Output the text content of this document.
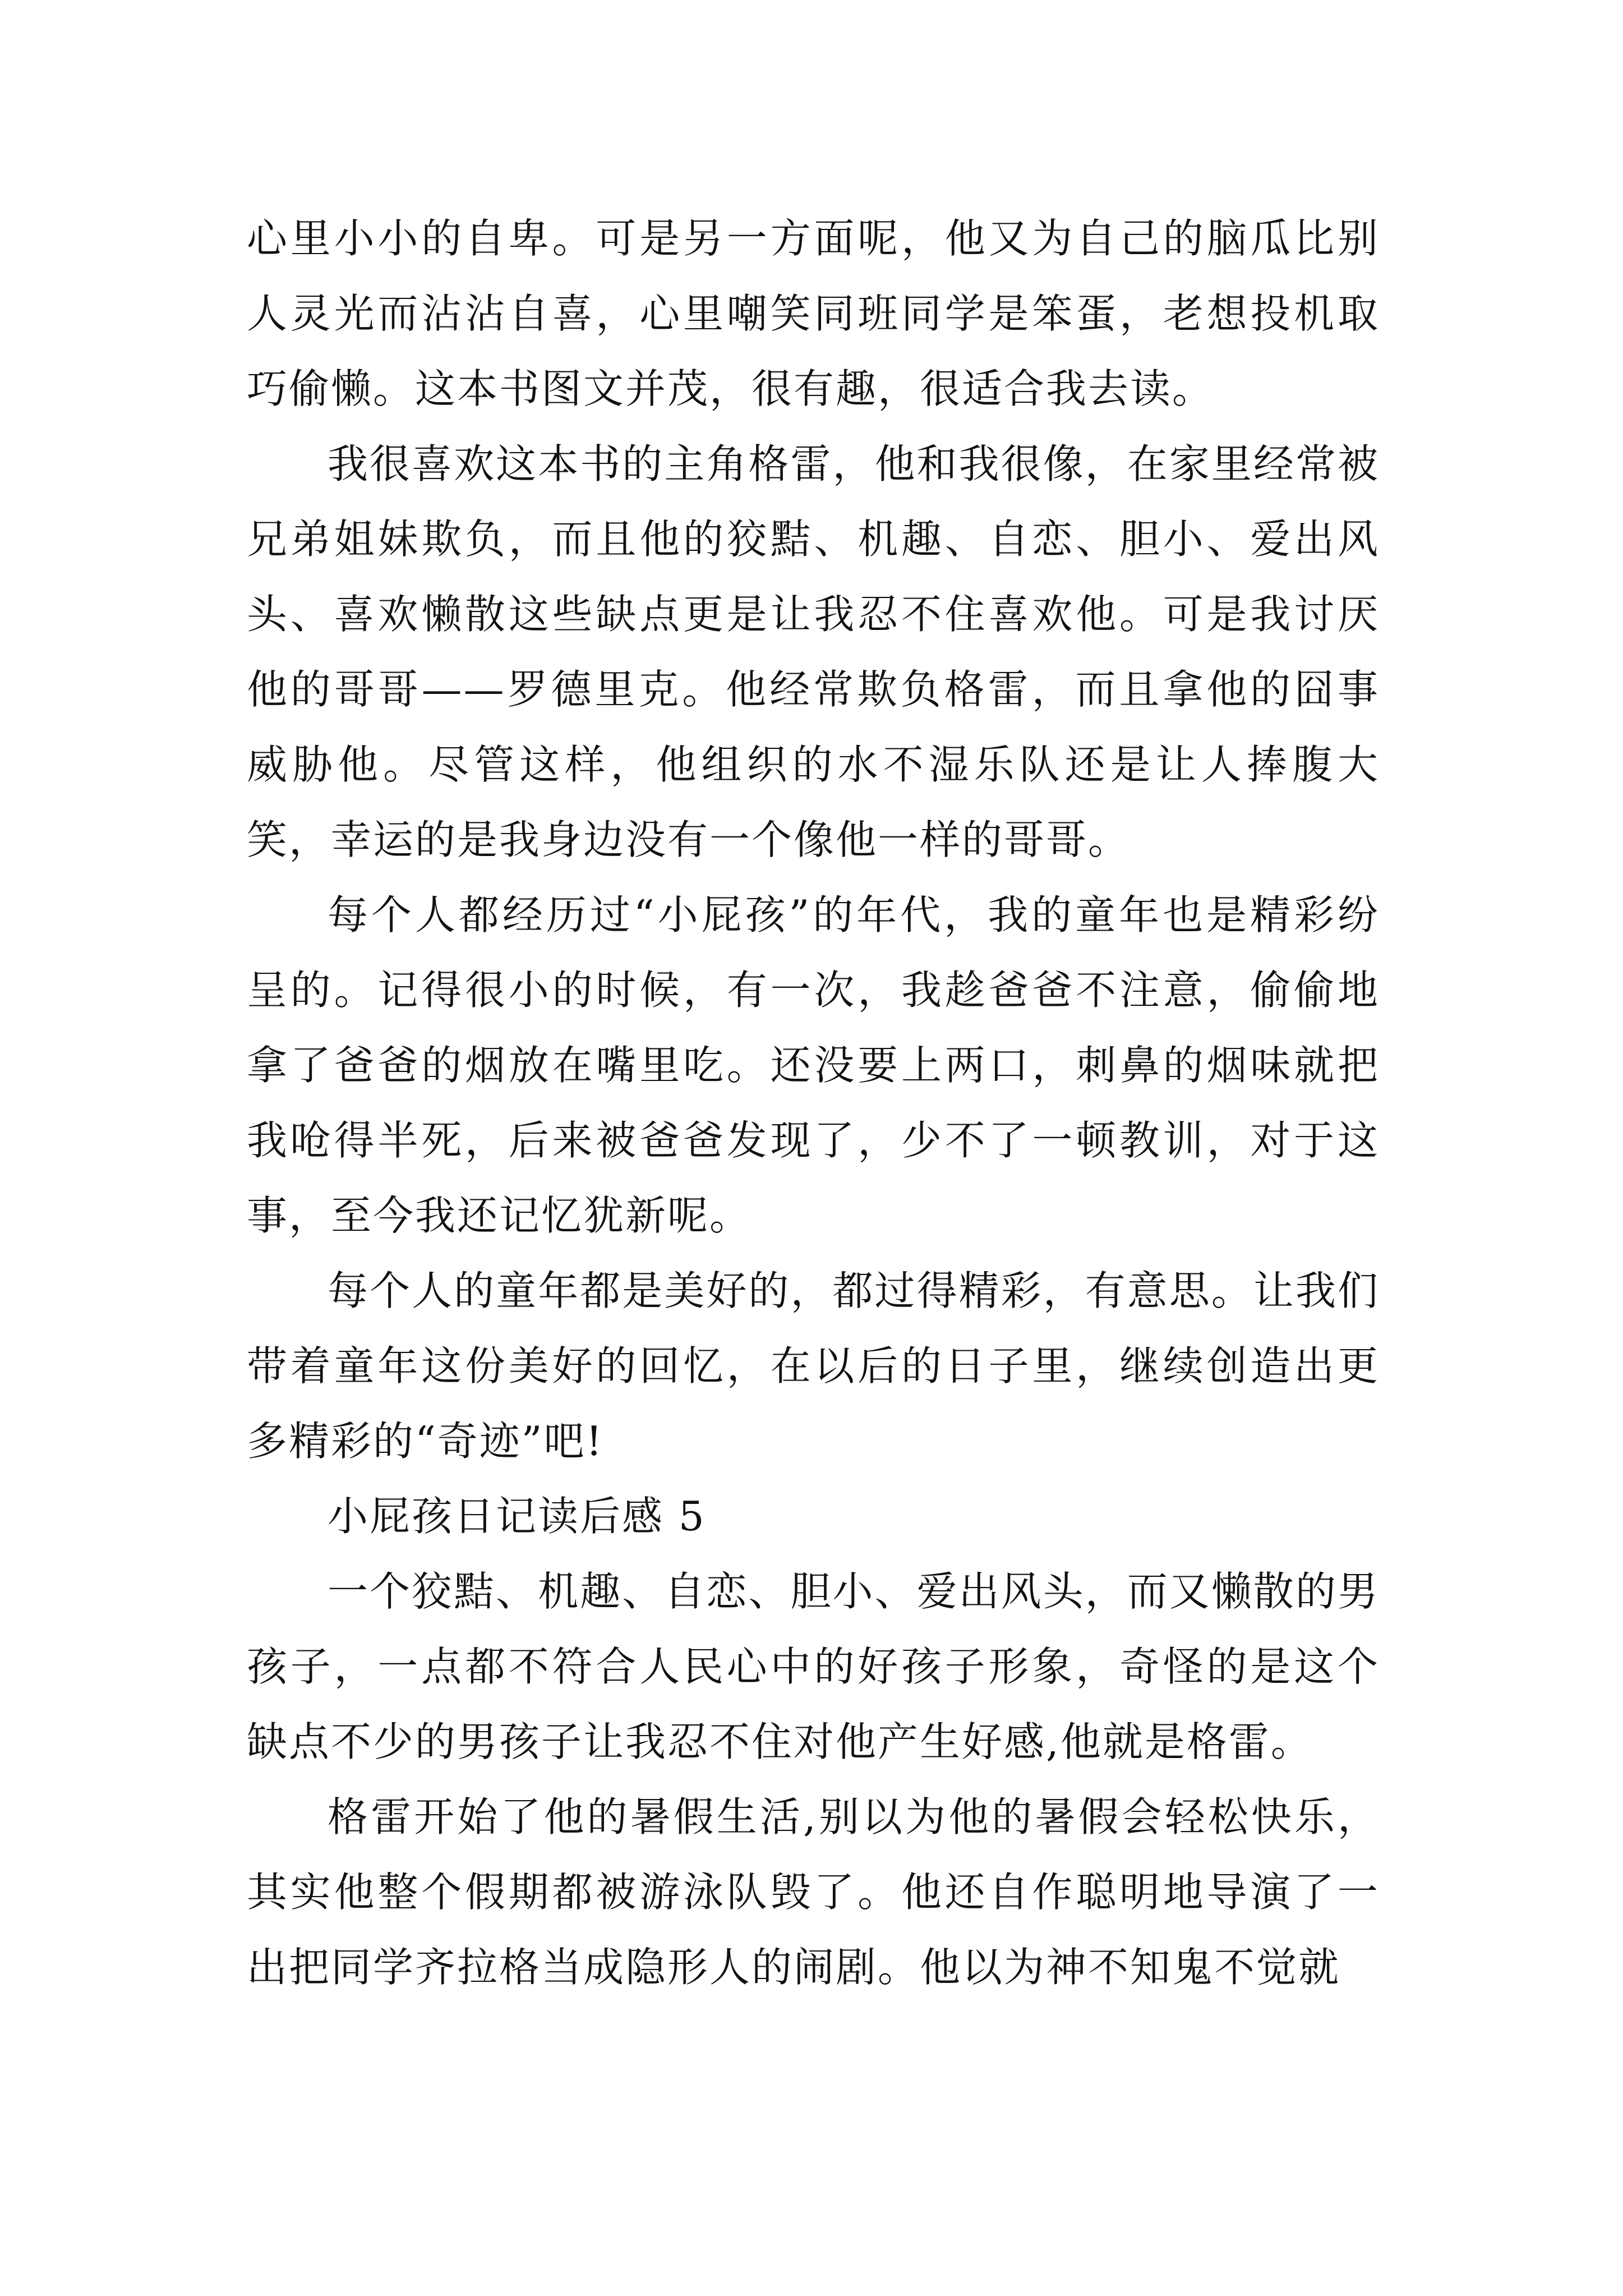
心里小小的自卑。可是另一方面呢，他又为自己的脑瓜比别人灵光而沾沾自喜，心里嘲笑同班同学是笨蛋，老想投机取巧偷懒。这本书图文并茂，很有趣，很适合我去读。

我很喜欢这本书的主角格雷，他和我很像，在家里经常被兄弟姐妹欺负，而且他的狡黠、机趣、自恋、胆小、爱出风头、喜欢懒散这些缺点更是让我忍不住喜欢他。可是我讨厌他的哥哥——罗德里克。他经常欺负格雷，而且拿他的囧事威胁他。尽管这样，他组织的水不湿乐队还是让人捧腹大笑，幸运的是我身边没有一个像他一样的哥哥。

每个人都经历过“小屁孩”的年代，我的童年也是精彩纷呈的。记得很小的时候，有一次，我趁爸爸不注意，偷偷地拿了爸爸的烟放在嘴里吃。还没要上两口，刺鼻的烟味就把我呛得半死，后来被爸爸发现了，少不了一顿教训，对于这事，至今我还记忆犹新呢。

每个人的童年都是美好的，都过得精彩，有意思。让我们带着童年这份美好的回忆，在以后的日子里，继续创造出更多精彩的“奇迹”吧!

小屁孩日记读后感 5

一个狡黠、机趣、自恋、胆小、爱出风头，而又懒散的男孩子，一点都不符合人民心中的好孩子形象，奇怪的是这个缺点不少的男孩子让我忍不住对他产生好感,他就是格雷。

格雷开始了他的暑假生活,别以为他的暑假会轻松快乐，其实他整个假期都被游泳队毁了。他还自作聪明地导演了一出把同学齐拉格当成隐形人的闹剧。他以为神不知鬼不觉就
